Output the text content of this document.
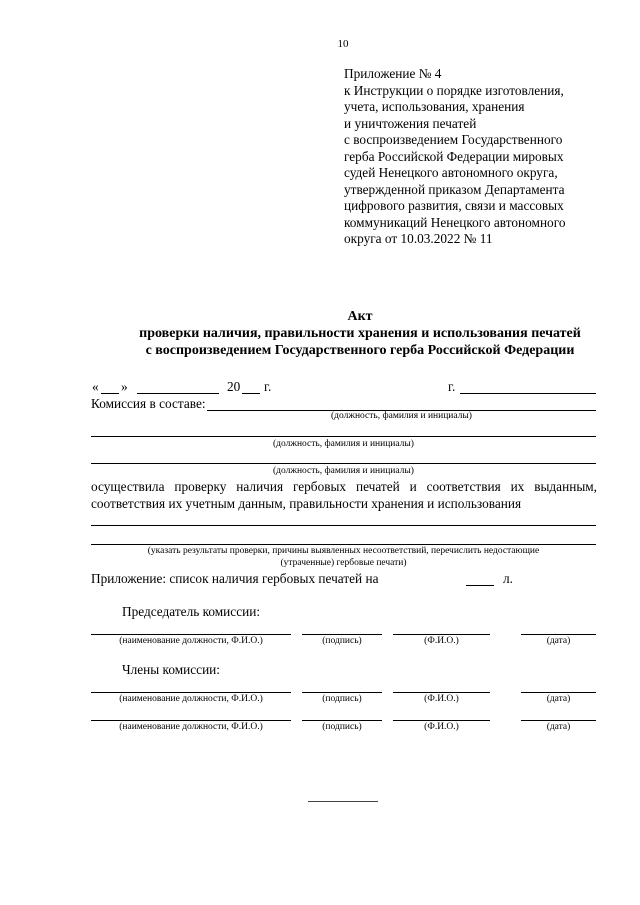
10
Приложение № 4
к Инструкции о порядке изготовления,
учета, использования, хранения
и уничтожения печатей
с воспроизведением Государственного
герба Российской Федерации мировых
судей Ненецкого автономного округа,
утвержденной приказом Департамента
цифрового развития, связи и массовых
коммуникаций Ненецкого автономного
округа от 10.03.2022 № 11
Акт
проверки наличия, правильности хранения и использования печатей
с воспроизведением Государственного герба Российской Федерации
« »	20 г.	г.
Комиссия в составе:
(должность, фамилия и инициалы)
(должность, фамилия и инициалы)
(должность, фамилия и инициалы)
осуществила проверку наличия гербовых печатей и соответствия их выданным,
соответствия их учетным данным, правильности хранения и использования
(указать результаты проверки, причины выявленных несоответствий, перечислить недостающие
(утраченные) гербовые печати)
Приложение: список наличия гербовых печатей на	л.
Председатель комиссии:
(наименование должности, Ф.И.О.)	(подпись)	(Ф.И.О.)	(дата)
Члены комиссии:
(наименование должности, Ф.И.О.)	(подпись)	(Ф.И.О.)	(дата)
(наименование должности, Ф.И.О.)	(подпись)	(Ф.И.О.)	(дата)
